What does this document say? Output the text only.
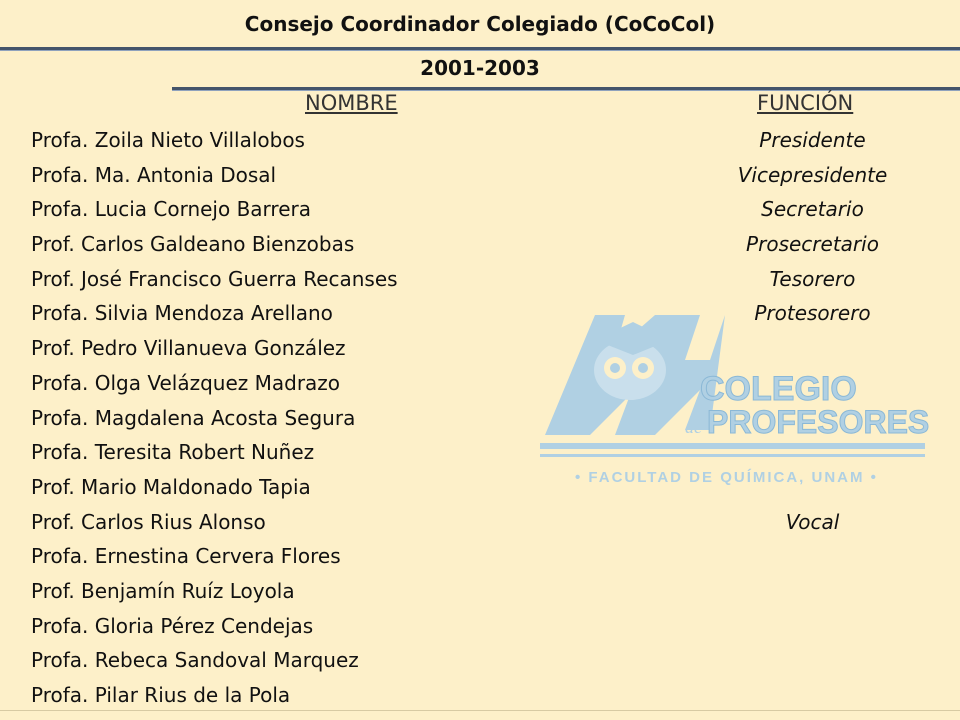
Consejo Coordinador Colegiado (CoCoCol)
2001-2003
NOMBRE	FUNCIÓN
COLEGIO
de PROFESORES
• FACULTAD DE QUÍMICA, UNAM •
Profa. Zoila Nieto Villalobos	Presidente
Profa. Ma. Antonia Dosal	Vicepresidente
Profa. Lucia Cornejo Barrera	Secretario
Prof. Carlos Galdeano Bienzobas	Prosecretario
Prof. José Francisco Guerra Recanses	Tesorero
Profa. Silvia Mendoza Arellano	Protesorero
Prof. Pedro Villanueva González
Profa. Olga Velázquez Madrazo
Profa. Magdalena Acosta Segura
Profa. Teresita Robert Nuñez
Prof. Mario Maldonado Tapia
Prof. Carlos Rius Alonso	Vocal
Profa. Ernestina Cervera Flores
Prof. Benjamín Ruíz Loyola
Profa. Gloria Pérez Cendejas
Profa. Rebeca Sandoval Marquez
Profa. Pilar Rius de la Pola
